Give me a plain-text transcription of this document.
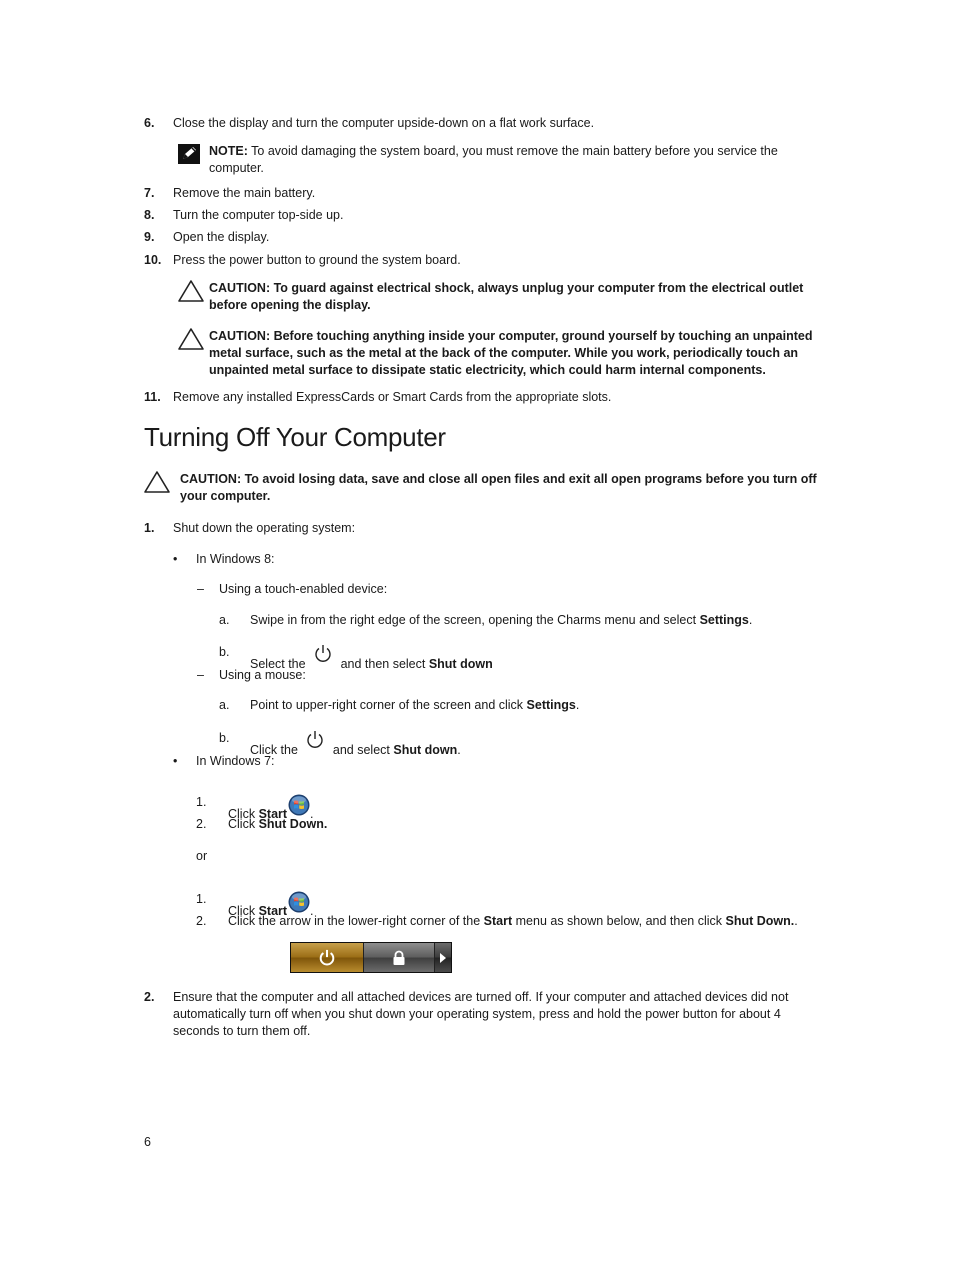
6. Close the display and turn the computer upside-down on a flat work surface.
NOTE: To avoid damaging the system board, you must remove the main battery before you service the computer.
7. Remove the main battery.
8. Turn the computer top-side up.
9. Open the display.
10. Press the power button to ground the system board.
CAUTION: To guard against electrical shock, always unplug your computer from the electrical outlet before opening the display.
CAUTION: Before touching anything inside your computer, ground yourself by touching an unpainted metal surface, such as the metal at the back of the computer. While you work, periodically touch an unpainted metal surface to dissipate static electricity, which could harm internal components.
11. Remove any installed ExpressCards or Smart Cards from the appropriate slots.
Turning Off Your Computer
CAUTION: To avoid losing data, save and close all open files and exit all open programs before you turn off your computer.
1. Shut down the operating system:
• In Windows 8:
– Using a touch-enabled device:
a. Swipe in from the right edge of the screen, opening the Charms menu and select Settings.
b.
Select the	and then select Shut down
– Using a mouse:
a. Point to upper-right corner of the screen and click Settings.
b.
Click the	and select Shut down.
• In Windows 7:
1.
Click Start .
2. Click Shut Down.
or
1.
Click Start .
2. Click the arrow in the lower-right corner of the Start menu as shown below, and then click Shut Down..
2. Ensure that the computer and all attached devices are turned off. If your computer and attached devices did not automatically turn off when you shut down your operating system, press and hold the power button for about 4 seconds to turn them off.
6
